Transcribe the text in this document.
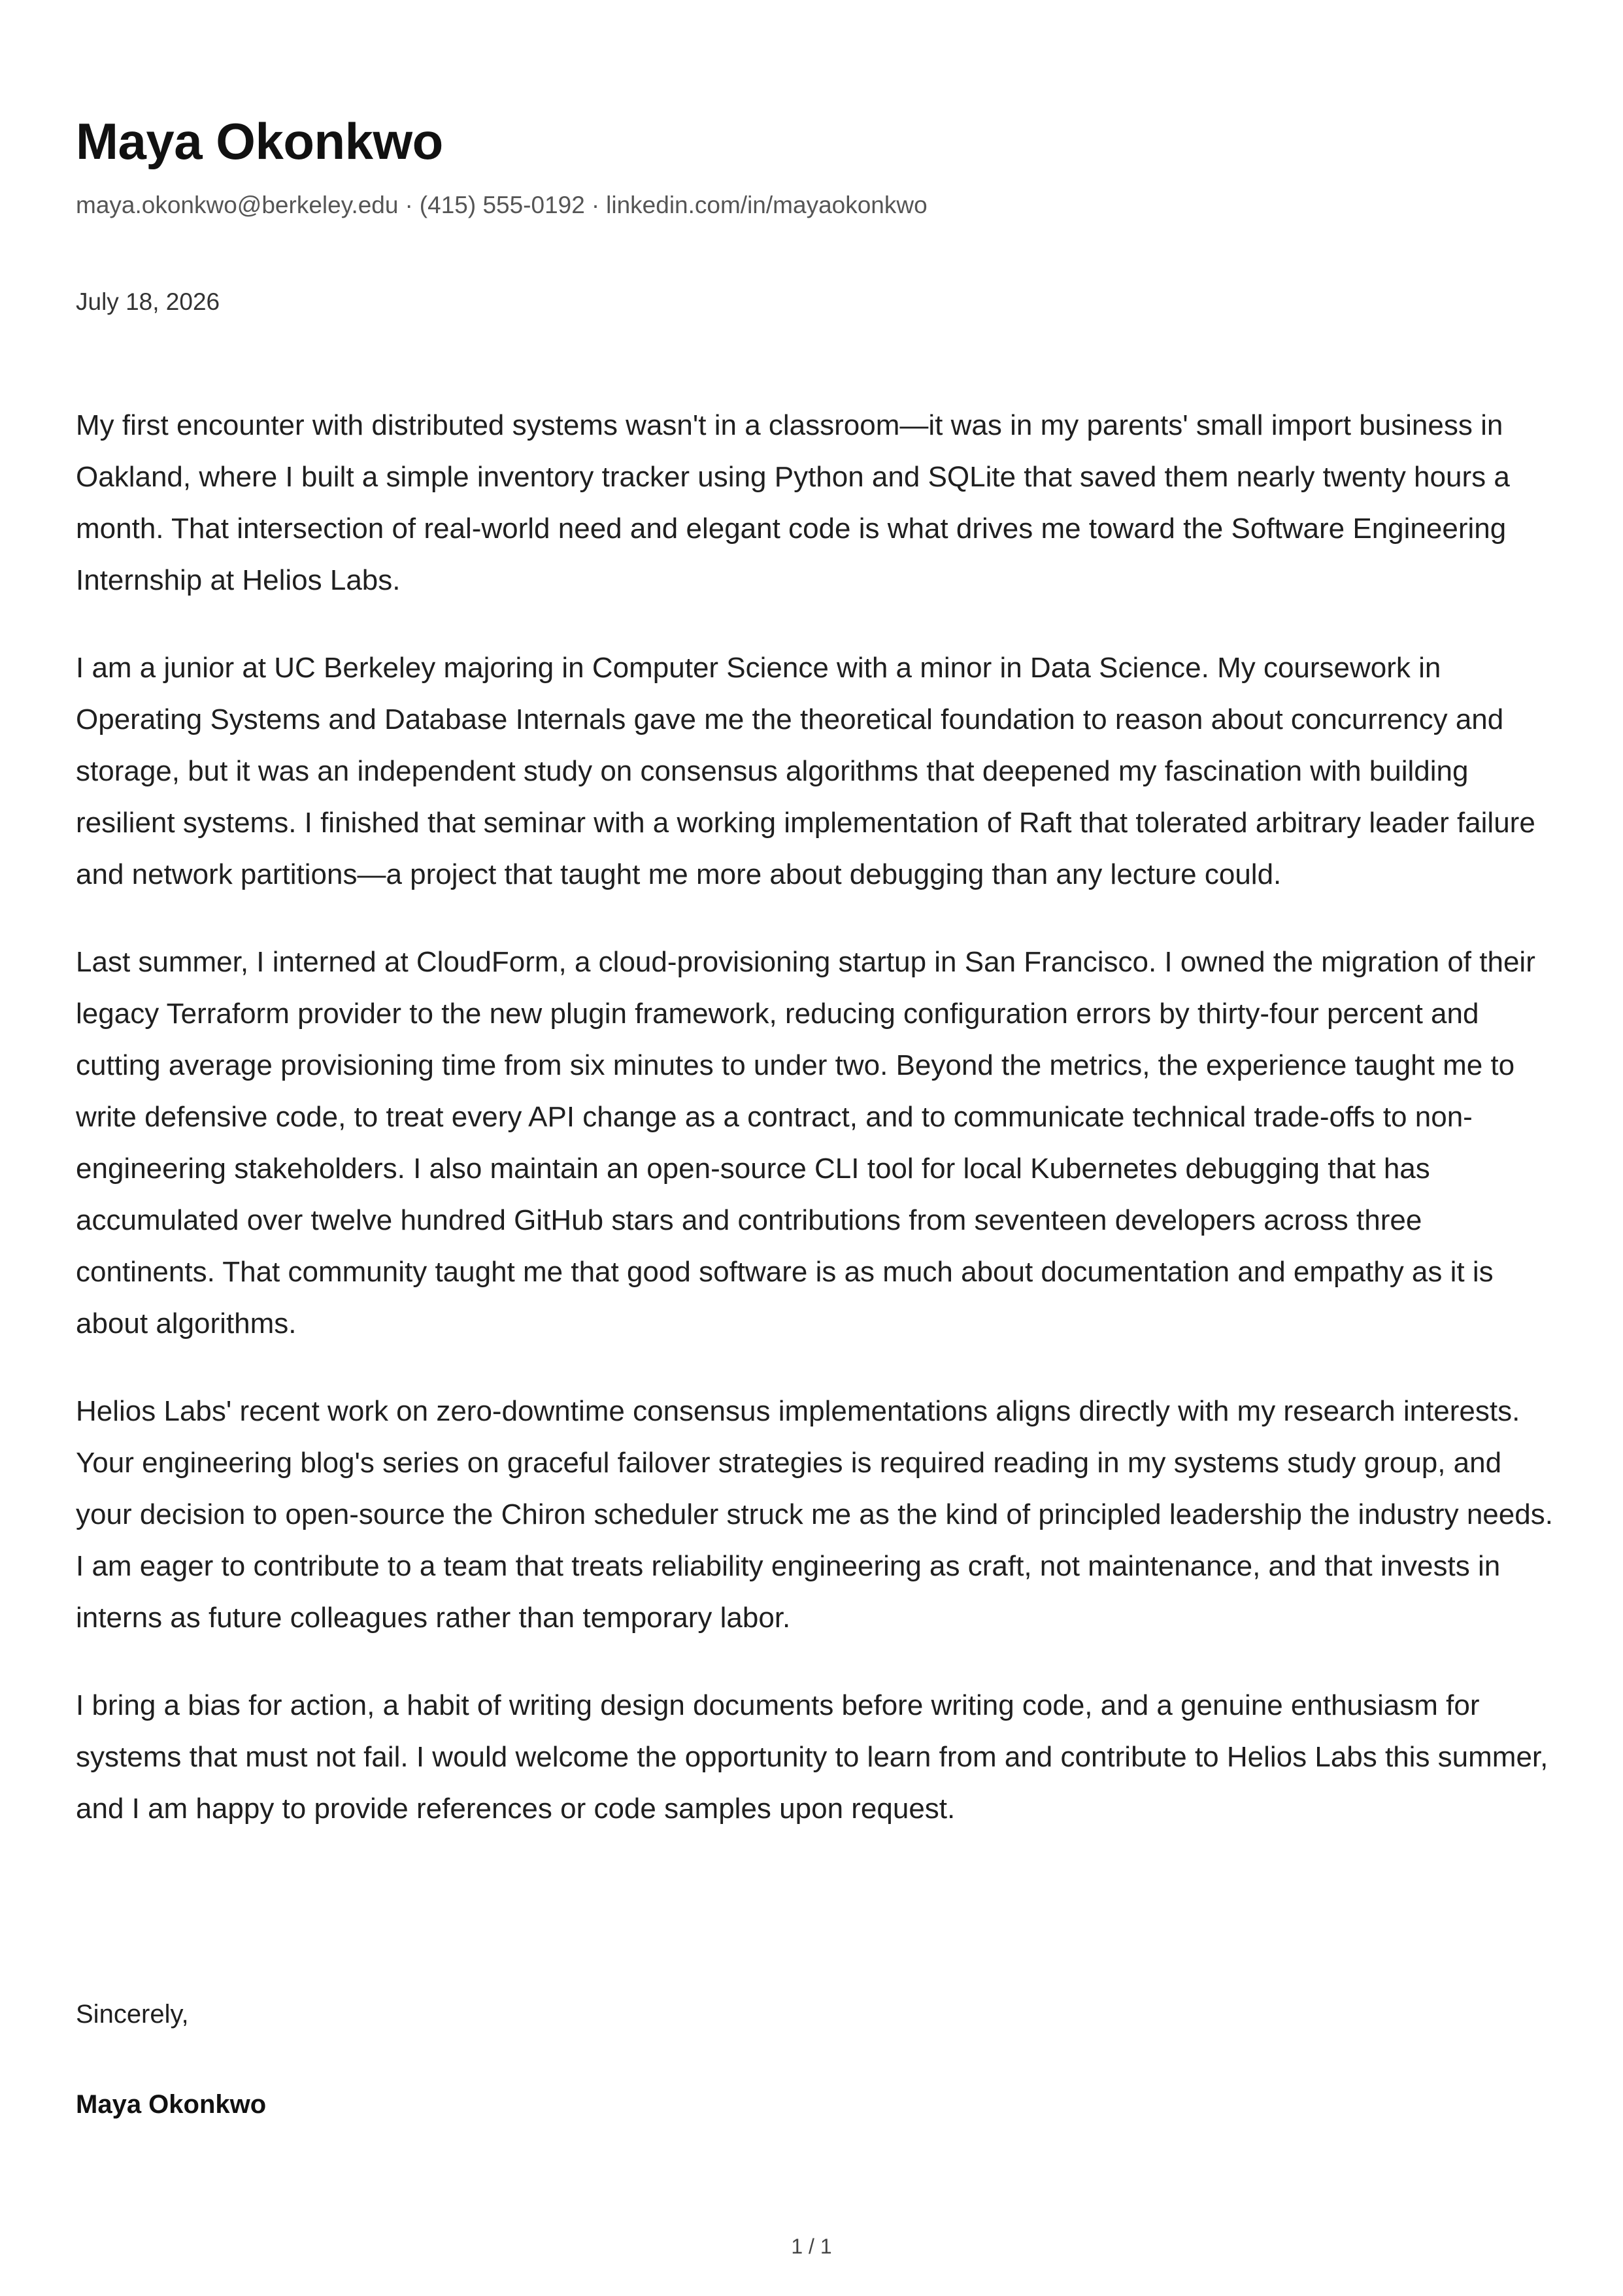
Maya Okonkwo
maya.okonkwo@berkeley.edu · (415) 555-0192 · linkedin.com/in/mayaokonkwo
July 18, 2026

My first encounter with distributed systems wasn't in a classroom—it was in my parents' small import business in Oakland, where I built a simple inventory tracker using Python and SQLite that saved them nearly twenty hours a month. That intersection of real-world need and elegant code is what drives me toward the Software Engineering Internship at Helios Labs.

I am a junior at UC Berkeley majoring in Computer Science with a minor in Data Science. My coursework in Operating Systems and Database Internals gave me the theoretical foundation to reason about concurrency and storage, but it was an independent study on consensus algorithms that deepened my fascination with building resilient systems. I finished that seminar with a working implementation of Raft that tolerated arbitrary leader failure and network partitions—a project that taught me more about debugging than any lecture could.

Last summer, I interned at CloudForm, a cloud-provisioning startup in San Francisco. I owned the migration of their legacy Terraform provider to the new plugin framework, reducing configuration errors by thirty-four percent and cutting average provisioning time from six minutes to under two. Beyond the metrics, the experience taught me to write defensive code, to treat every API change as a contract, and to communicate technical trade-offs to non-engineering stakeholders. I also maintain an open-source CLI tool for local Kubernetes debugging that has accumulated over twelve hundred GitHub stars and contributions from seventeen developers across three continents. That community taught me that good software is as much about documentation and empathy as it is about algorithms.

Helios Labs' recent work on zero-downtime consensus implementations aligns directly with my research interests. Your engineering blog's series on graceful failover strategies is required reading in my systems study group, and your decision to open-source the Chiron scheduler struck me as the kind of principled leadership the industry needs. I am eager to contribute to a team that treats reliability engineering as craft, not maintenance, and that invests in interns as future colleagues rather than temporary labor.

I bring a bias for action, a habit of writing design documents before writing code, and a genuine enthusiasm for systems that must not fail. I would welcome the opportunity to learn from and contribute to Helios Labs this summer, and I am happy to provide references or code samples upon request.

Sincerely,
Maya Okonkwo
1 / 1
